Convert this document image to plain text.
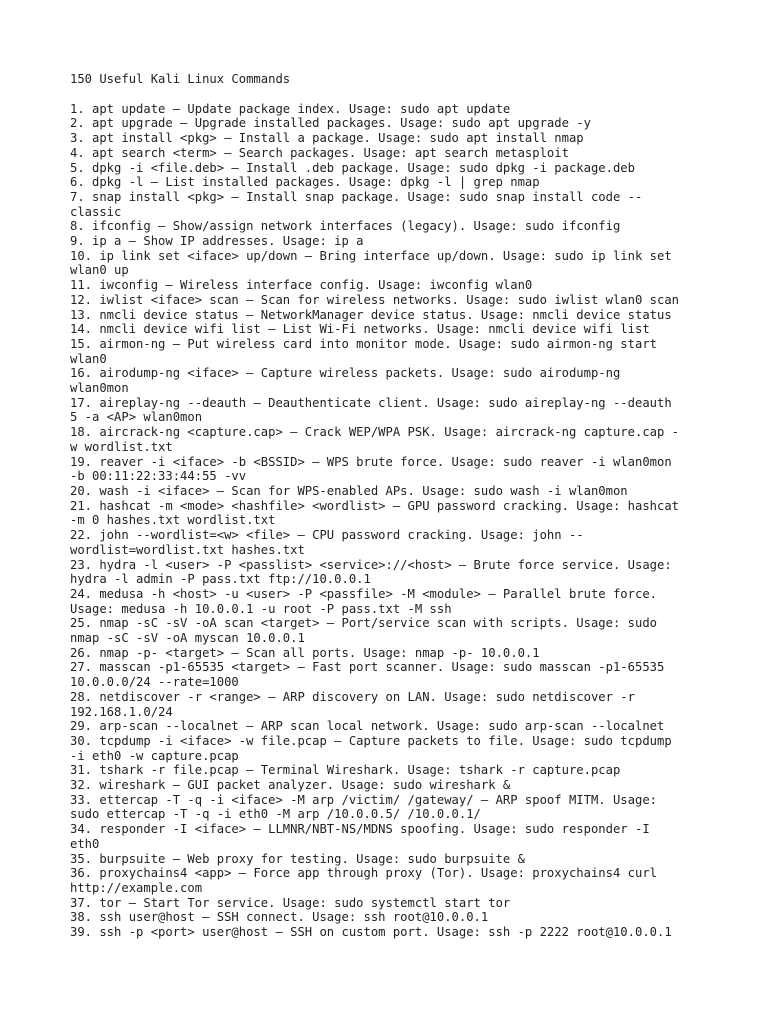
150 Useful Kali Linux Commands
1. apt update — Update package index. Usage: sudo apt update
2. apt upgrade — Upgrade installed packages. Usage: sudo apt upgrade -y
3. apt install <pkg> — Install a package. Usage: sudo apt install nmap
4. apt search <term> — Search packages. Usage: apt search metasploit
5. dpkg -i <file.deb> — Install .deb package. Usage: sudo dpkg -i package.deb
6. dpkg -l — List installed packages. Usage: dpkg -l | grep nmap
7. snap install <pkg> — Install snap package. Usage: sudo snap install code --
classic
8. ifconfig — Show/assign network interfaces (legacy). Usage: sudo ifconfig
9. ip a — Show IP addresses. Usage: ip a
10. ip link set <iface> up/down — Bring interface up/down. Usage: sudo ip link set
wlan0 up
11. iwconfig — Wireless interface config. Usage: iwconfig wlan0
12. iwlist <iface> scan — Scan for wireless networks. Usage: sudo iwlist wlan0 scan
13. nmcli device status — NetworkManager device status. Usage: nmcli device status
14. nmcli device wifi list — List Wi-Fi networks. Usage: nmcli device wifi list
15. airmon-ng — Put wireless card into monitor mode. Usage: sudo airmon-ng start
wlan0
16. airodump-ng <iface> — Capture wireless packets. Usage: sudo airodump-ng
wlan0mon
17. aireplay-ng --deauth — Deauthenticate client. Usage: sudo aireplay-ng --deauth
5 -a <AP> wlan0mon
18. aircrack-ng <capture.cap> — Crack WEP/WPA PSK. Usage: aircrack-ng capture.cap -
w wordlist.txt
19. reaver -i <iface> -b <BSSID> — WPS brute force. Usage: sudo reaver -i wlan0mon
-b 00:11:22:33:44:55 -vv
20. wash -i <iface> — Scan for WPS-enabled APs. Usage: sudo wash -i wlan0mon
21. hashcat -m <mode> <hashfile> <wordlist> — GPU password cracking. Usage: hashcat
-m 0 hashes.txt wordlist.txt
22. john --wordlist=<w> <file> — CPU password cracking. Usage: john --
wordlist=wordlist.txt hashes.txt
23. hydra -l <user> -P <passlist> <service>://<host> — Brute force service. Usage:
hydra -l admin -P pass.txt ftp://10.0.0.1
24. medusa -h <host> -u <user> -P <passfile> -M <module> — Parallel brute force.
Usage: medusa -h 10.0.0.1 -u root -P pass.txt -M ssh
25. nmap -sC -sV -oA scan <target> — Port/service scan with scripts. Usage: sudo
nmap -sC -sV -oA myscan 10.0.0.1
26. nmap -p- <target> — Scan all ports. Usage: nmap -p- 10.0.0.1
27. masscan -p1-65535 <target> — Fast port scanner. Usage: sudo masscan -p1-65535
10.0.0.0/24 --rate=1000
28. netdiscover -r <range> — ARP discovery on LAN. Usage: sudo netdiscover -r
192.168.1.0/24
29. arp-scan --localnet — ARP scan local network. Usage: sudo arp-scan --localnet
30. tcpdump -i <iface> -w file.pcap — Capture packets to file. Usage: sudo tcpdump
-i eth0 -w capture.pcap
31. tshark -r file.pcap — Terminal Wireshark. Usage: tshark -r capture.pcap
32. wireshark — GUI packet analyzer. Usage: sudo wireshark &
33. ettercap -T -q -i <iface> -M arp /victim/ /gateway/ — ARP spoof MITM. Usage:
sudo ettercap -T -q -i eth0 -M arp /10.0.0.5/ /10.0.0.1/
34. responder -I <iface> — LLMNR/NBT-NS/MDNS spoofing. Usage: sudo responder -I
eth0
35. burpsuite — Web proxy for testing. Usage: sudo burpsuite &
36. proxychains4 <app> — Force app through proxy (Tor). Usage: proxychains4 curl
http://example.com
37. tor — Start Tor service. Usage: sudo systemctl start tor
38. ssh user@host — SSH connect. Usage: ssh root@10.0.0.1
39. ssh -p <port> user@host — SSH on custom port. Usage: ssh -p 2222 root@10.0.0.1
